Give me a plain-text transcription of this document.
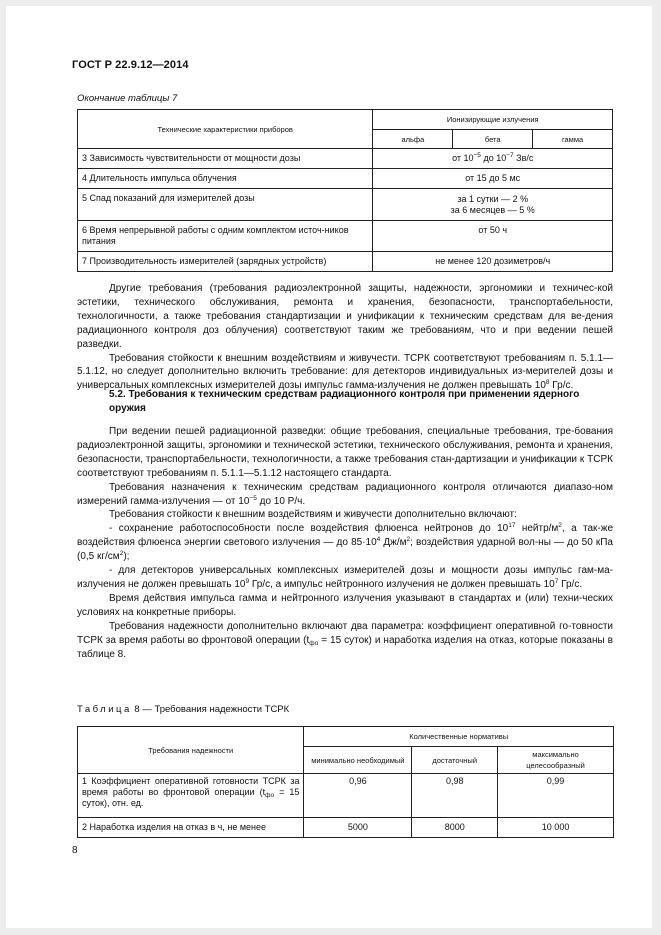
ГОСТ Р 22.9.12—2014
Окончание таблицы 7
Технические характеристики приборов	Ионизирующие излучения		
	альфа	бета	гамма
3 Зависимость чувствительности от мощности дозы	от $10^{-5}$ до $10^{-7}$ Зв/с		
4 Длительность импульса облучения	от 15 до 5 мс		
5 Спад показаний для измерителей дозы	за 1 сутки — 2 %
за 6 месяцев — 5 %		

6 Время непрерывной работы с одним комплектом источ-ников питания	от 50 ч		
7 Производительность измерителей (зарядных устройств)	не менее 120 дозиметров/ч		

Другие требования (требования радиоэлектронной защиты, надежности, эргономики и техничес-кой эстетики, технического обслуживания, ремонта и хранения, безопасности, транспортабельности, технологичности, а также требования стандартизации и унификации к техническим средствам для ве-дения радиационного контроля доз облучения) соответствуют таким же требованиям, что и при ведении пешей разведки.

Требования стойкости к внешним воздействиям и живучести. ТСРК соответствуют требованиям п. 5.1.1—5.1.12, но следует дополнительно включить требование: для детекторов индивидуальных из-мерителей дозы и универсальных комплексных измерителей дозы импульс гамма-излучения не должен превышать $10^8$ Гр/с.

5.2. Требования к техническим средствам радиационного контроля при применении ядерного оружия

При ведении пешей радиационной разведки: общие требования, специальные требования, тре-бования радиоэлектронной защиты, эргономики и технической эстетики, технического обслуживания, ремонта и хранения, безопасности, транспортабельности, технологичности, а также требования стан-дартизации и унификации к ТСРК соответствуют требованиям п. 5.1.1—5.1.12 настоящего стандарта.

Требования назначения к техническим средствам радиационного контроля отличаются диапазо-ном измерений гамма-излучения — от $10^{-5}$ до 10 Р/ч.

Требования стойкости к внешним воздействиям и живучести дополнительно включают:

- сохранение работоспособности после воздействия флюенса нейтронов до $10^{17}$ нейтр/$м^2$, а так-же воздействия флюенса энергии светового излучения — до $85\cdot 10^4$ $Дж/м^2$; воздействия ударной вол-ны — до 50 кПа (0,5 $кг/см^2$);

- для детекторов универсальных комплексных измерителей дозы и мощности дозы импульс гам-ма-излучения не должен превышать $10^9$ Гр/с, а импульс нейтронного излучения не должен превышать $10^7$ Гр/с.

Время действия импульса гамма и нейтронного излучения указывают в стандартах и (или) техни-ческих условиях на конкретные приборы.

Требования надежности дополнительно включают два параметра: коэффициент оперативной го-товности ТСРК за время работы во фронтовой операции ($t_{фо} = 15$ суток) и наработка изделия на отказ, которые показаны в таблице 8.

Таблица 8 — Требования надежности ТСРК
Требования надежности	Количественные нормативы		
	минимально необходимый	достаточный	максимально целесообразный
1 Коэффициент оперативной готовности ТСРК за время работы во фронтовой операции ($t_{фо} = 15$ суток), отн. ед.	0,96	0,98	0,99
2 Наработка изделия на отказ в ч, не менее	5000	8000	10 000
8
